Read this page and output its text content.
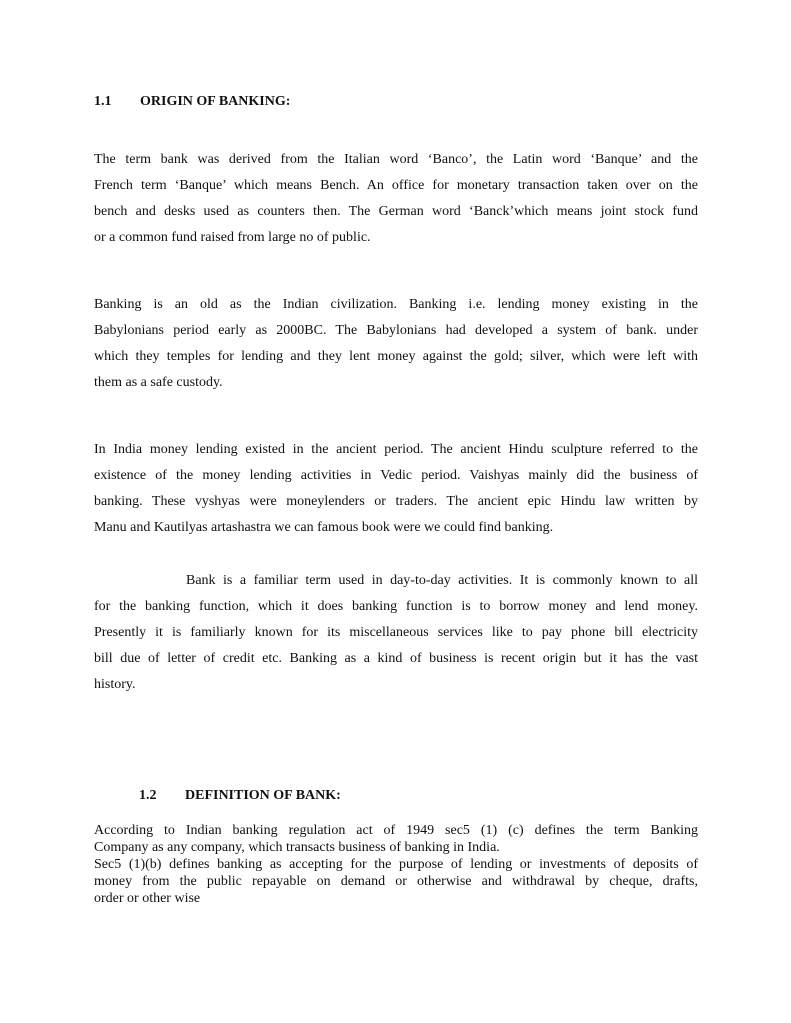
1.1 ORIGIN OF BANKING:
The term bank was derived from the Italian word ‘Banco’, the Latin word ‘Banque’ and the
French term ‘Banque’ which means Bench. An office for monetary transaction taken over on the
bench and desks used as counters then. The German word ‘Banck’which means joint stock fund
or a common fund raised from large no of public.
Banking is an old as the Indian civilization. Banking i.e. lending money existing in the
Babylonians period early as 2000BC. The Babylonians had developed a system of bank. under
which they temples for lending and they lent money against the gold; silver, which were left with
them as a safe custody.
In India money lending existed in the ancient period. The ancient Hindu sculpture referred to the
existence of the money lending activities in Vedic period. Vaishyas mainly did the business of
banking. These vyshyas were moneylenders or traders. The ancient epic Hindu law written by
Manu and Kautilyas artashastra we can famous book were we could find banking.
Bank is a familiar term used in day-to-day activities. It is commonly known to all
for the banking function, which it does banking function is to borrow money and lend money.
Presently it is familiarly known for its miscellaneous services like to pay phone bill electricity
bill due of letter of credit etc. Banking as a kind of business is recent origin but it has the vast
history.
1.2 DEFINITION OF BANK:
According to Indian banking regulation act of 1949 sec5 (1) (c) defines the term Banking
Company as any company, which transacts business of banking in India.
Sec5 (1)(b) defines banking as accepting for the purpose of lending or investments of deposits of
money from the public repayable on demand or otherwise and withdrawal by cheque, drafts,
order or other wise
